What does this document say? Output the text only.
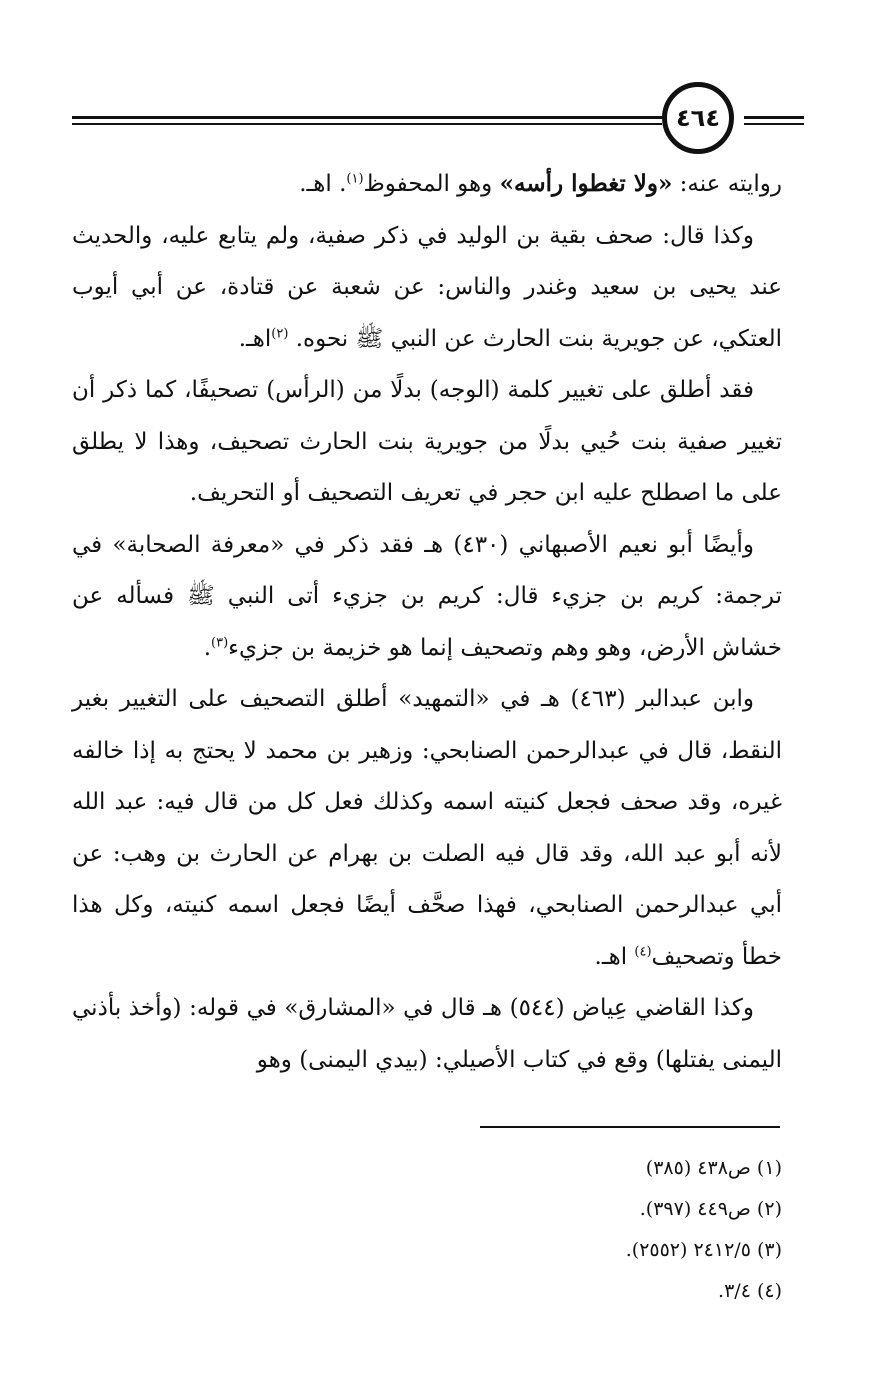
٤٦٤

روايته عنه: «ولا تغطوا رأسه» وهو المحفوظ$^{(١)}$. اهـ.

وكذا قال: صحف بقية بن الوليد في ذكر صفية، ولم يتابع عليه، والحديث عند يحيى بن سعيد وغندر والناس: عن شعبة عن قتادة، عن أبي أيوب العتكي، عن جويرية بنت الحارث عن النبي ﷺ نحوه. $^{(٢)}$اهـ.

فقد أطلق على تغيير كلمة (الوجه) بدلًا من (الرأس) تصحيفًا، كما ذكر أن تغيير صفية بنت حُيي بدلًا من جويرية بنت الحارث تصحيف، وهذا لا يطلق على ما اصطلح عليه ابن حجر في تعريف التصحيف أو التحريف.

وأيضًا أبو نعيم الأصبهاني (٤٣٠) هـ فقد ذكر في «معرفة الصحابة» في ترجمة: كريم بن جزيء قال: كريم بن جزيء أتى النبي ﷺ فسأله عن خشاش الأرض، وهو وهم وتصحيف إنما هو خزيمة بن جزيء$^{(٣)}$.

وابن عبدالبر (٤٦٣) هـ في «التمهيد» أطلق التصحيف على التغيير بغير النقط، قال في عبدالرحمن الصنابحي: وزهير بن محمد لا يحتج به إذا خالفه غيره، وقد صحف فجعل كنيته اسمه وكذلك فعل كل من قال فيه: عبد الله لأنه أبو عبد الله، وقد قال فيه الصلت بن بهرام عن الحارث بن وهب: عن أبي عبدالرحمن الصنابحي، فهذا صحَّف أيضًا فجعل اسمه كنيته، وكل هذا خطأ وتصحيف$^{(٤)}$ اهـ.

وكذا القاضي عِياض (٥٤٤) هـ قال في «المشارق» في قوله: (وأخذ بأذني اليمنى يفتلها) وقع في كتاب الأصيلي: (بيدي اليمنى) وهو

(١) ص٤٣٨ (٣٨٥)

(٢) ص٤٤٩ (٣٩٧).

(٣) ٢٤١٢/٥ (٢٥٥٢).

(٤) ٣/٤.
